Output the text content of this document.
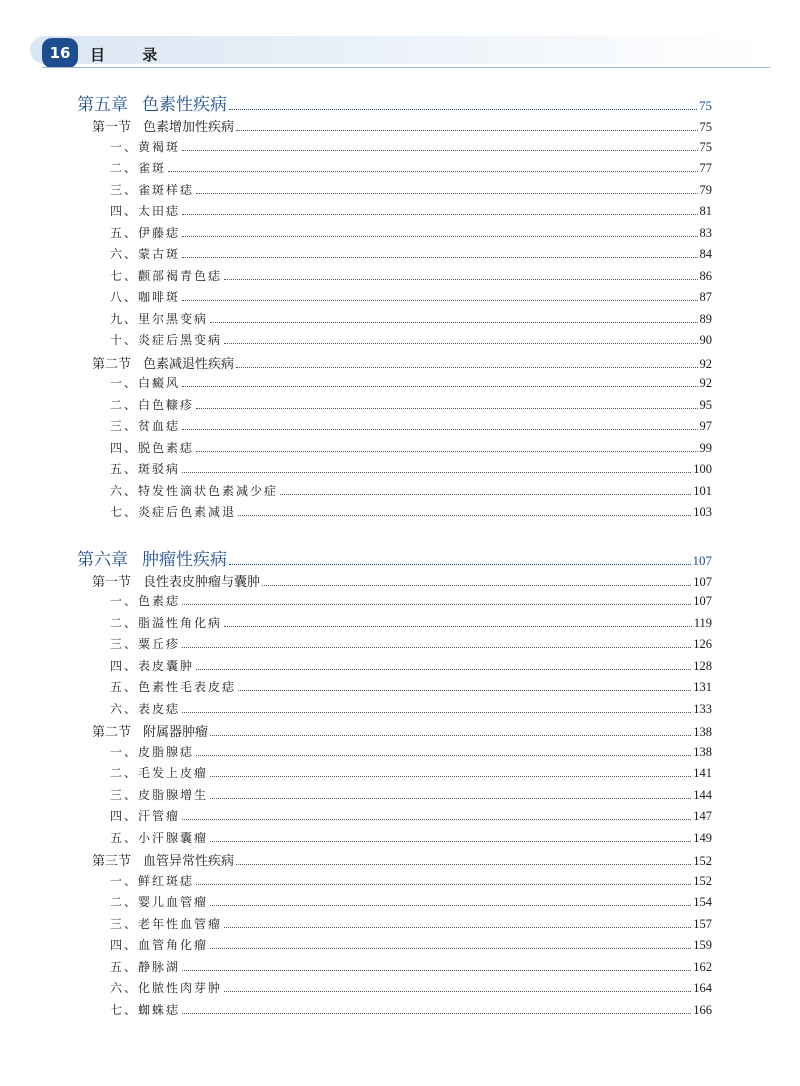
16	目 录
第五章 色素性疾病	75
第一节 色素增加性疾病	75
一、黄褐斑	75
二、雀斑	77
三、雀斑样痣	79
四、太田痣	81
五、伊藤痣	83
六、蒙古斑	84
七、颧部褐青色痣	86
八、咖啡斑	87
九、里尔黑变病	89
十、炎症后黑变病	90
第二节 色素减退性疾病	92
一、白癜风	92
二、白色糠疹	95
三、贫血痣	97
四、脱色素痣	99
五、斑驳病	100
六、特发性滴状色素减少症	101
七、炎症后色素减退	103
第六章 肿瘤性疾病	107
第一节 良性表皮肿瘤与囊肿	107
一、色素痣	107
二、脂溢性角化病	119
三、粟丘疹	126
四、表皮囊肿	128
五、色素性毛表皮痣	131
六、表皮痣	133
第二节 附属器肿瘤	138
一、皮脂腺痣	138
二、毛发上皮瘤	141
三、皮脂腺增生	144
四、汗管瘤	147
五、小汗腺囊瘤	149
第三节 血管异常性疾病	152
一、鲜红斑痣	152
二、婴儿血管瘤	154
三、老年性血管瘤	157
四、血管角化瘤	159
五、静脉湖	162
六、化脓性肉芽肿	164
七、蜘蛛痣	166
